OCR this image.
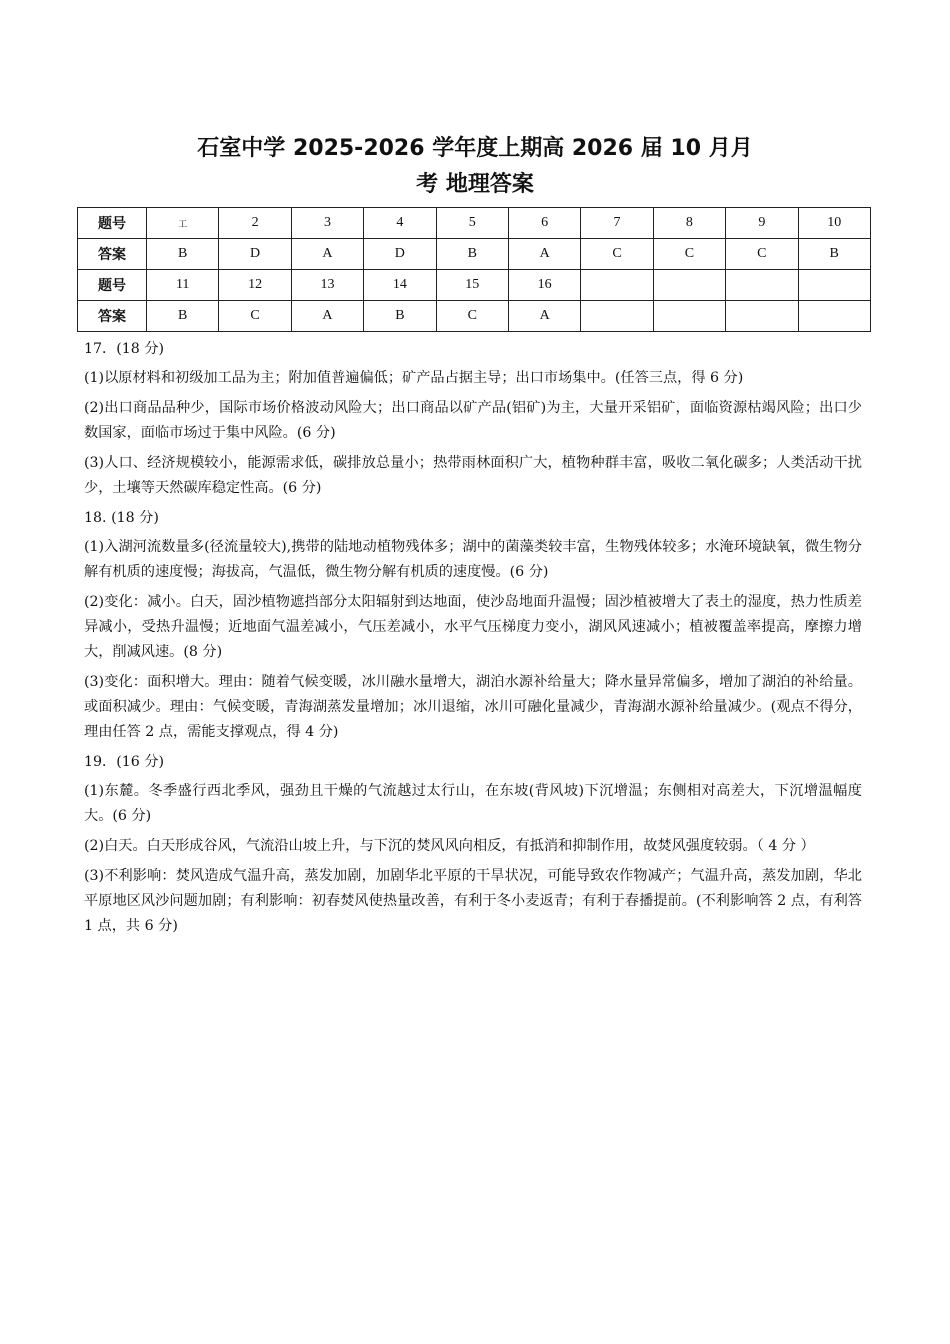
石室中学 2025-2026 学年度上期高 2026 届 10 月月
考 地理答案
题号	工	2	3	4	5	6	7	8	9	10
答案	B	D	A	D	B	A	C	C	C	B
题号	11	12	13	14	15	16				
答案	B	C	A	B	C	A				

17．(18 分)

(1)以原材料和初级加工品为主；附加值普遍偏低；矿产品占据主导；出口市场集中。(任答三点，得 6 分)

(2)出口商品品种少，国际市场价格波动风险大；出口商品以矿产品(铝矿)为主，大量开采铝矿，面临资源枯竭风险；出口少数国家，面临市场过于集中风险。(6 分)

(3)人口、经济规模较小，能源需求低，碳排放总量小；热带雨林面积广大，植物种群丰富，吸收二氧化碳多；人类活动干扰少，土壤等天然碳库稳定性高。(6 分)

18. (18 分)

(1)入湖河流数量多(径流量较大),携带的陆地动植物残体多；湖中的菌藻类较丰富，生物残体较多；水淹环境缺氧，微生物分解有机质的速度慢；海拔高，气温低，微生物分解有机质的速度慢。(6 分)

(2)变化：减小。白天，固沙植物遮挡部分太阳辐射到达地面，使沙岛地面升温慢；固沙植被增大了表土的湿度，热力性质差异减小，受热升温慢；近地面气温差减小，气压差减小，水平气压梯度力变小，湖风风速减小；植被覆盖率提高，摩擦力增大，削减风速。(8 分)

(3)变化：面积增大。理由：随着气候变暖，冰川融水量增大，湖泊水源补给量大；降水量异常偏多，增加了湖泊的补给量。或面积减少。理由：气候变暖，青海湖蒸发量增加；冰川退缩，冰川可融化量减少，青海湖水源补给量减少。(观点不得分，理由任答 2 点，需能支撑观点，得 4 分)

19．(16 分)

(1)东麓。冬季盛行西北季风，强劲且干燥的气流越过太行山，在东坡(背风坡)下沉增温；东侧相对高差大，下沉增温幅度大。(6 分)

(2)白天。白天形成谷风，气流沿山坡上升，与下沉的焚风风向相反，有抵消和抑制作用，故焚风强度较弱。（ 4 分 ）

(3)不利影响：焚风造成气温升高，蒸发加剧，加剧华北平原的干旱状况，可能导致农作物减产；气温升高，蒸发加剧，华北平原地区风沙问题加剧；有利影响：初春焚风使热量改善，有利于冬小麦返青；有利于春播提前。(不利影响答 2 点，有利答 1 点，共 6 分)
